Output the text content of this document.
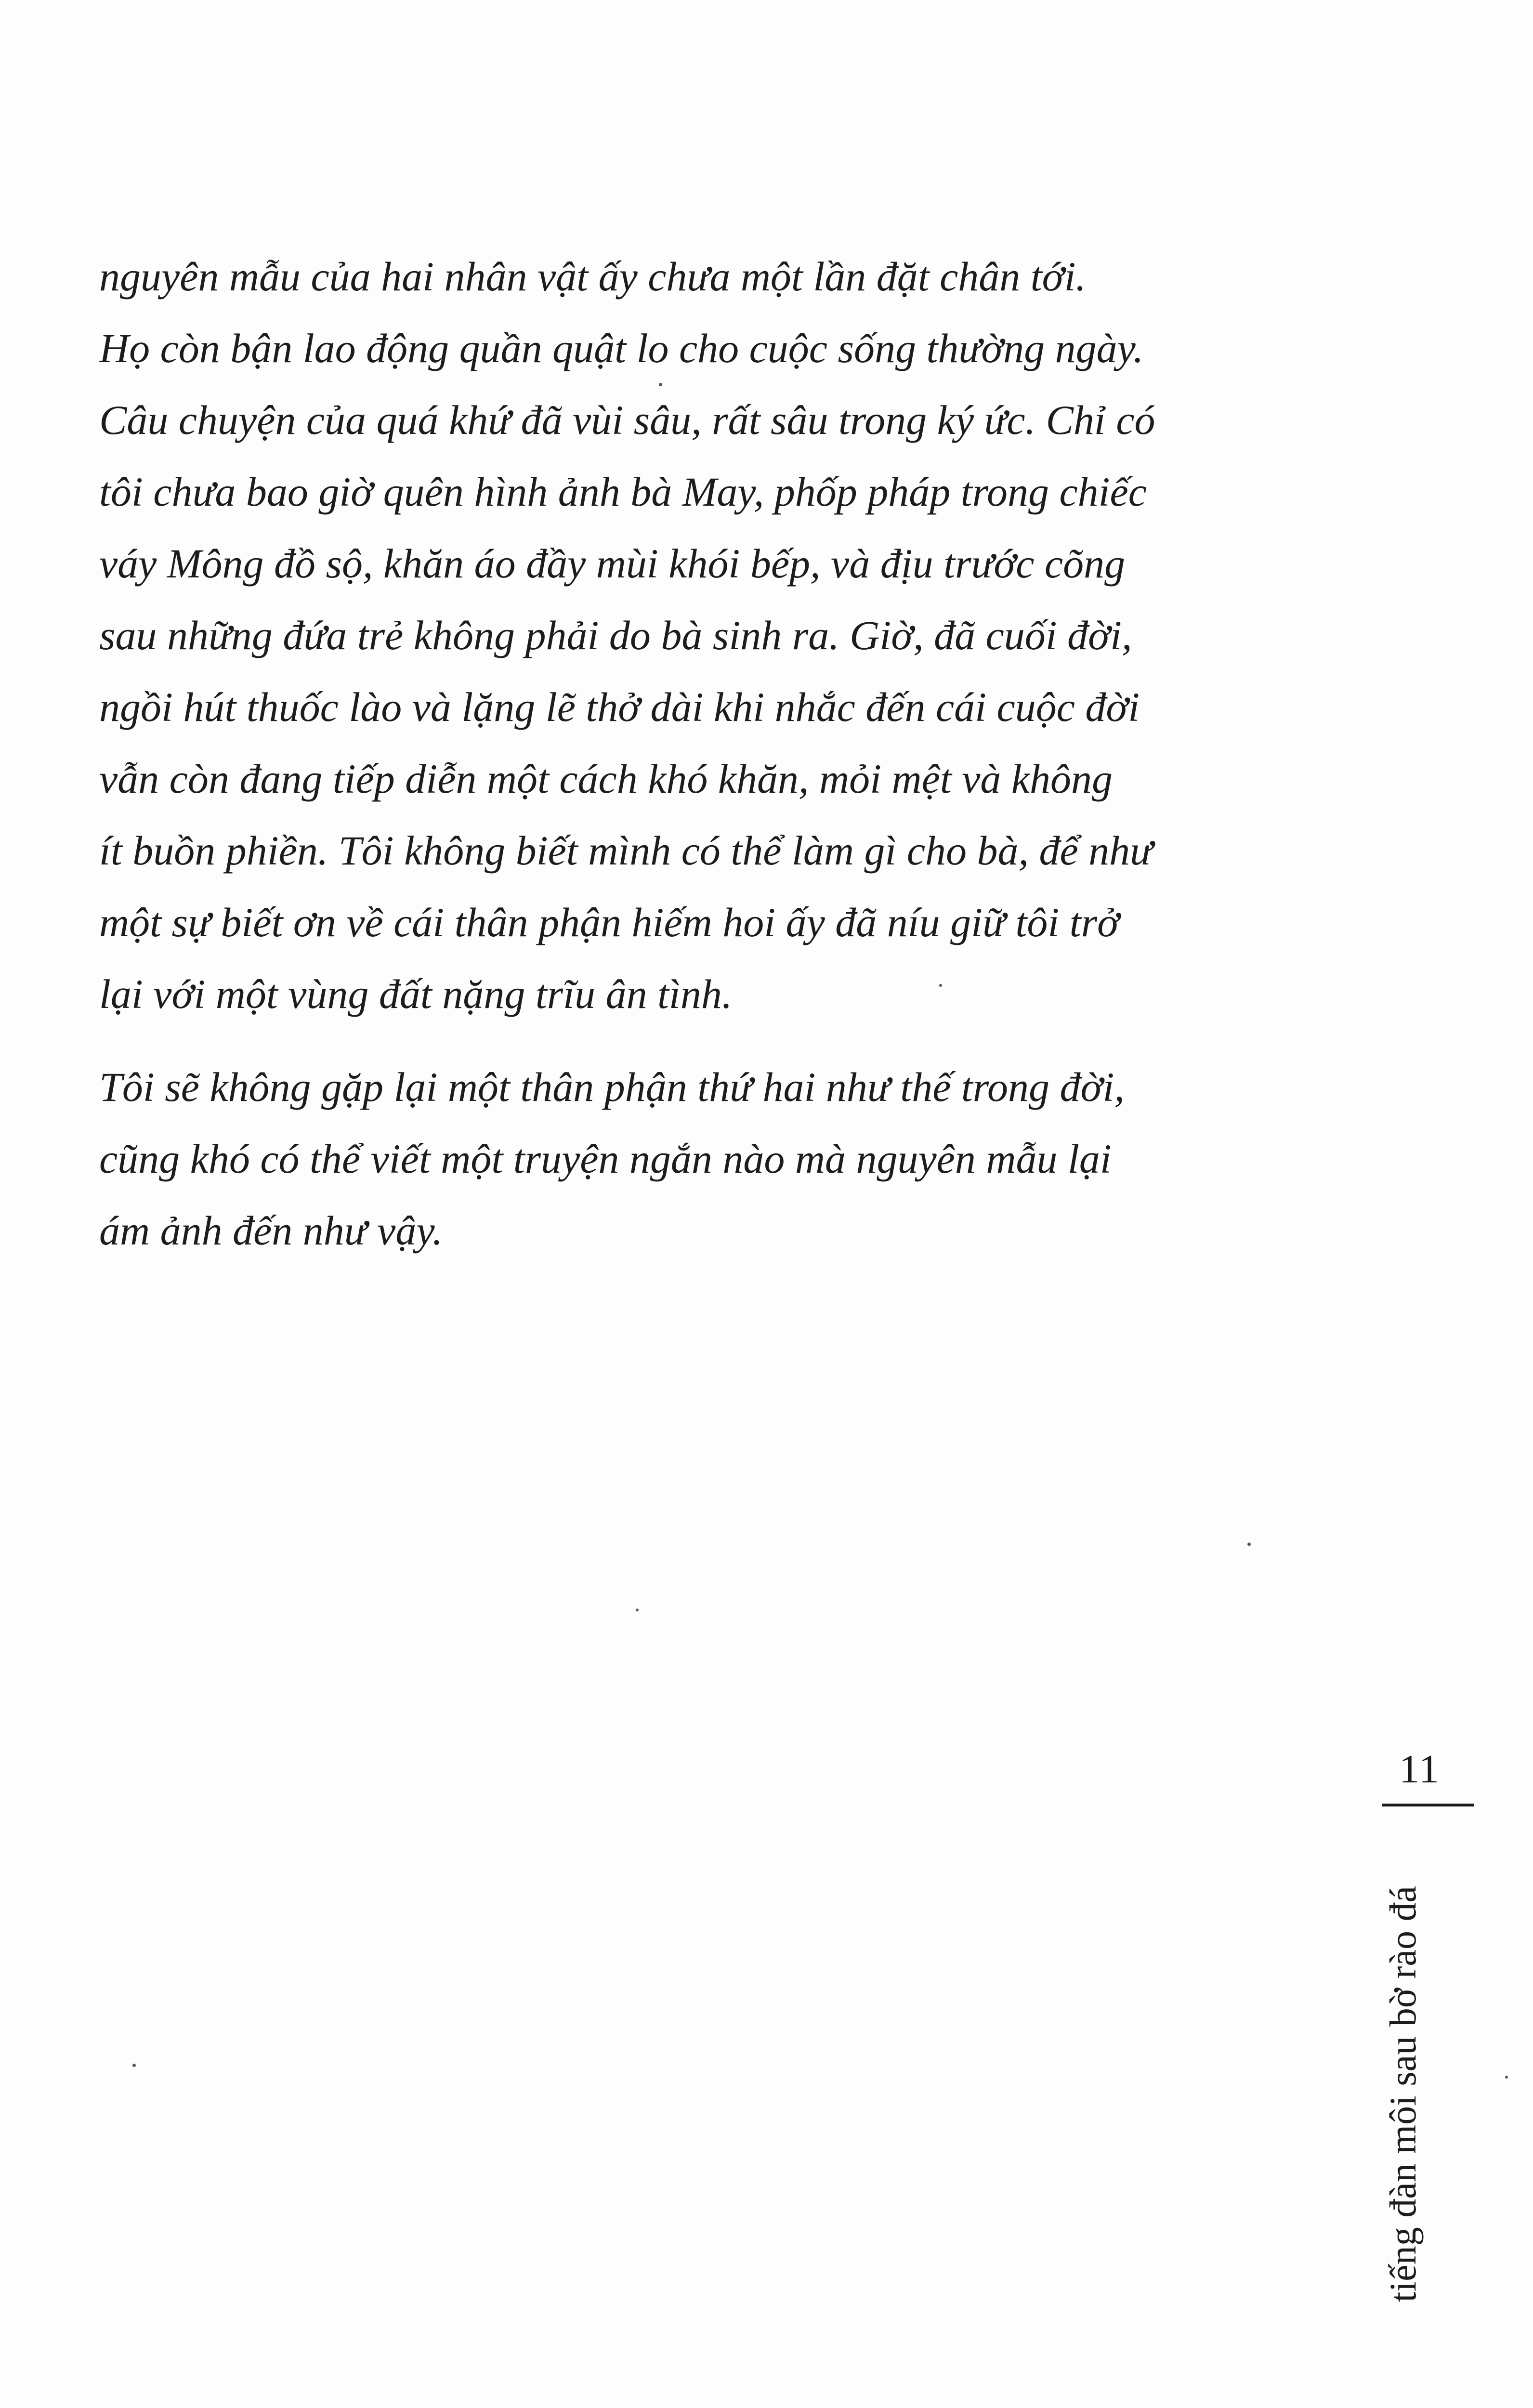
nguyên mẫu của hai nhân vật ấy chưa một lần đặt chân tới.
Họ còn bận lao động quần quật lo cho cuộc sống thường ngày.
Câu chuyện của quá khứ đã vùi sâu, rất sâu trong ký ức. Chỉ có
tôi chưa bao giờ quên hình ảnh bà May, phốp pháp trong chiếc
váy Mông đồ sộ, khăn áo đầy mùi khói bếp, và địu trước cõng
sau những đứa trẻ không phải do bà sinh ra. Giờ, đã cuối đời,
ngồi hút thuốc lào và lặng lẽ thở dài khi nhắc đến cái cuộc đời
vẫn còn đang tiếp diễn một cách khó khăn, mỏi mệt và không
ít buồn phiền. Tôi không biết mình có thể làm gì cho bà, để như
một sự biết ơn về cái thân phận hiếm hoi ấy đã níu giữ tôi trở
lại với một vùng đất nặng trĩu ân tình.

Tôi sẽ không gặp lại một thân phận thứ hai như thế trong đời,
cũng khó có thể viết một truyện ngắn nào mà nguyên mẫu lại
ám ảnh đến như vậy.

11
tiếng đàn môi sau bờ rào đá
